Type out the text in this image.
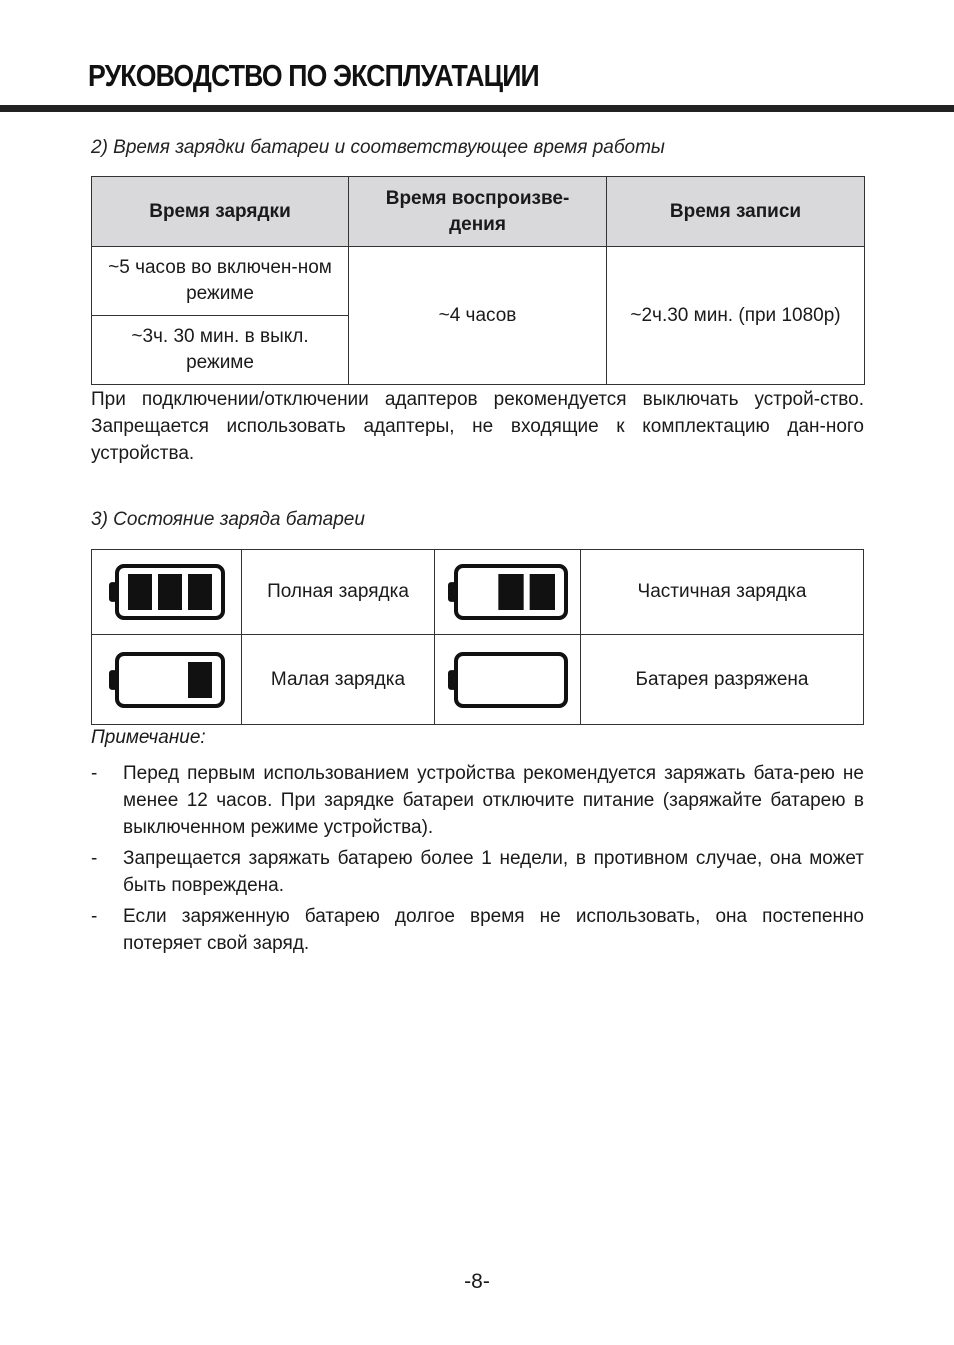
РУКОВОДСТВО ПО ЭКСПЛУАТАЦИИ
2) Время зарядки батареи и соответствующее время работы
Время зарядки	Время воспроизве-дения	Время записи
~5 часов во включен-ном режиме	~4 часов	~2ч.30 мин. (при 1080p)
~3ч. 30 мин. в выкл. режиме		

При подключении/отключении адаптеров рекомендуется выключать устрой-ство. Запрещается использовать адаптеры, не входящие к комплектацию дан-ного устройства.

3) Состояние заряда батареи
	Полная зарядка		Частичная зарядка

	Малая зарядка		Батарея разряжена
Примечание:
- Перед первым использованием устройства рекомендуется заряжать бата-рею не менее 12 часов. При зарядке батареи отключите питание (заряжайте батарею в выключенном режиме устройства).
- Запрещается заряжать батарею более 1 недели, в противном случае, она может быть повреждена.
- Если заряженную батарею долгое время не использовать, она постепенно потеряет свой заряд.
-8-
